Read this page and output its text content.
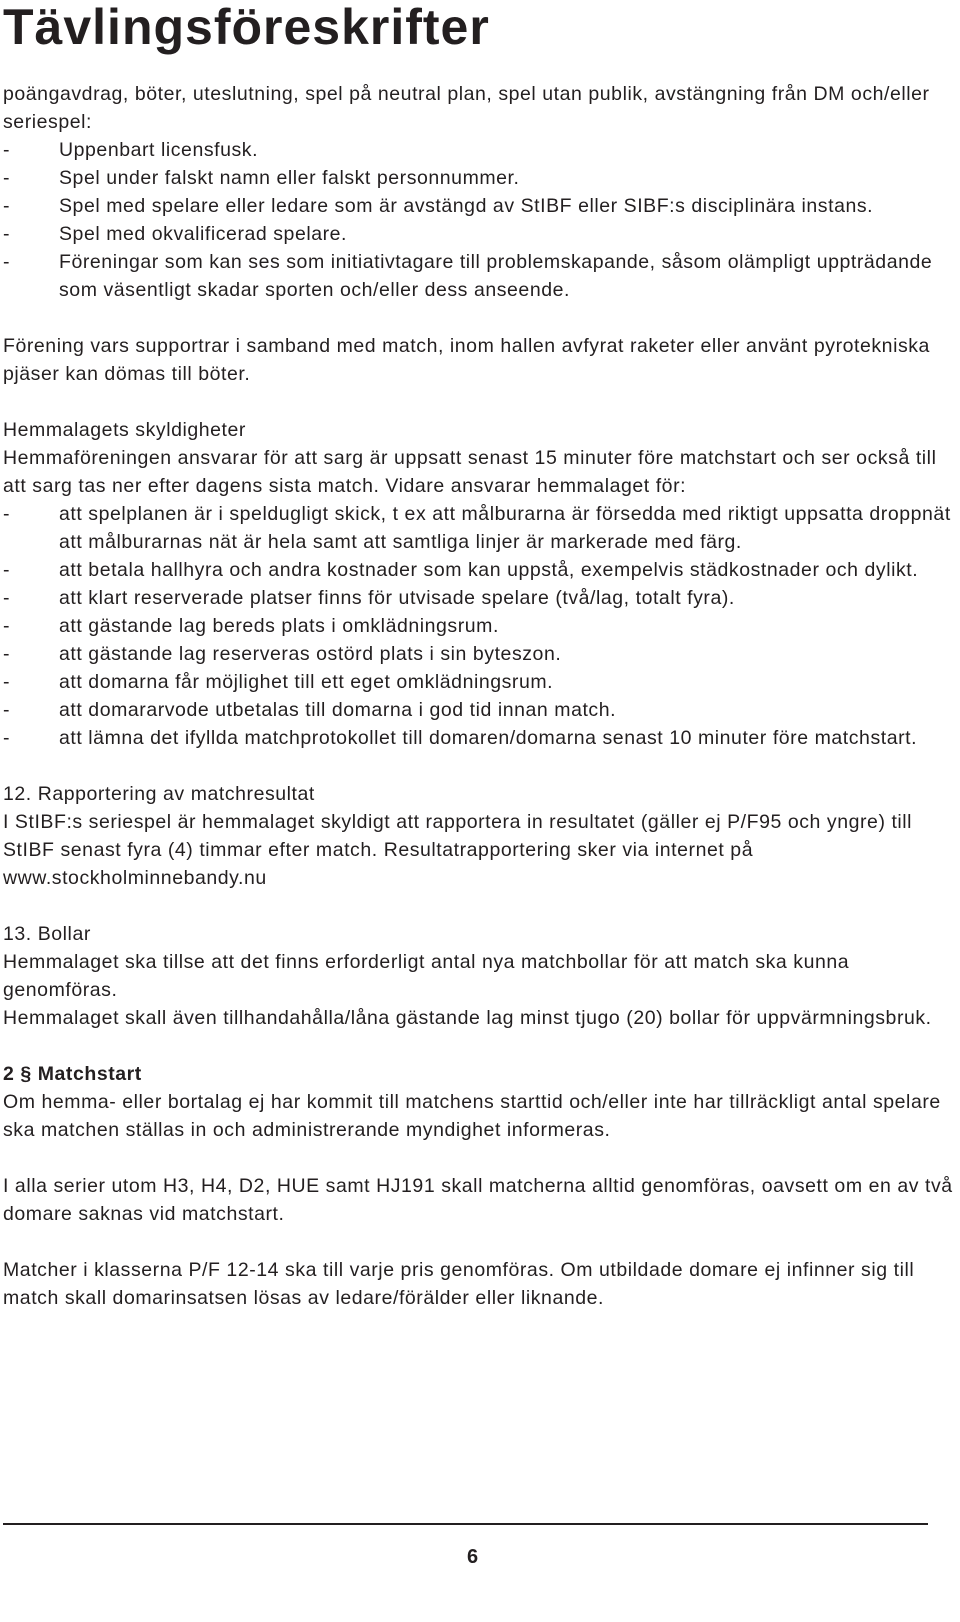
Tävlingsföreskrifter

poängavdrag, böter, uteslutning, spel på neutral plan, spel utan publik, avstängning från DM och/eller seriespel:

-	Uppenbart licensfusk.
-	Spel under falskt namn eller falskt personnummer.
-	Spel med spelare eller ledare som är avstängd av StIBF eller SIBF:s disciplinära instans.
-	Spel med okvalificerad spelare.
-	Föreningar som kan ses som initiativtagare till problemskapande, såsom olämpligt uppträdande som väsentligt skadar sporten och/eller dess anseende.

Förening vars supportrar i samband med match, inom hallen avfyrat raketer eller använt pyrotekniska pjäser kan dömas till böter.

Hemmalagets skyldigheter

Hemmaföreningen ansvarar för att sarg är uppsatt senast 15 minuter före matchstart och ser också till att sarg tas ner efter dagens sista match. Vidare ansvarar hemmalaget för:

-	att spelplanen är i speldugligt skick, t ex att målburarna är försedda med riktigt uppsatta droppnät att målburarnas nät är hela samt att samtliga linjer är markerade med färg.
-	att betala hallhyra och andra kostnader som kan uppstå, exempelvis städkostnader och dylikt.
-	att klart reserverade platser finns för utvisade spelare (två/lag, totalt fyra).
-	att gästande lag bereds plats i omklädningsrum.
-	att gästande lag reserveras ostörd plats i sin byteszon.
-	att domarna får möjlighet till ett eget omklädningsrum.
-	att domararvode utbetalas till domarna i god tid innan match.
-	att lämna det ifyllda matchprotokollet till domaren/domarna senast 10 minuter före matchstart.

12. Rapportering av matchresultat

I StIBF:s seriespel är hemmalaget skyldigt att rapportera in resultatet (gäller ej P/F95 och yngre) till StIBF senast fyra (4) timmar efter match. Resultatrapportering sker via internet på www.stockholminnebandy.nu

13. Bollar

Hemmalaget ska tillse att det finns erforderligt antal nya matchbollar för att match ska kunna genomföras.

Hemmalaget skall även tillhandahålla/låna gästande lag minst tjugo (20) bollar för uppvärmningsbruk.

2 § Matchstart

Om hemma- eller bortalag ej har kommit till matchens starttid och/eller inte har tillräckligt antal spelare ska matchen ställas in och administrerande myndighet informeras.

I alla serier utom H3, H4, D2, HUE samt HJ191 skall matcherna alltid genomföras, oavsett om en av två domare saknas vid matchstart.

Matcher i klasserna P/F 12-14 ska till varje pris genomföras. Om utbildade domare ej infinner sig till match skall domarinsatsen lösas av ledare/förälder eller liknande.

6
